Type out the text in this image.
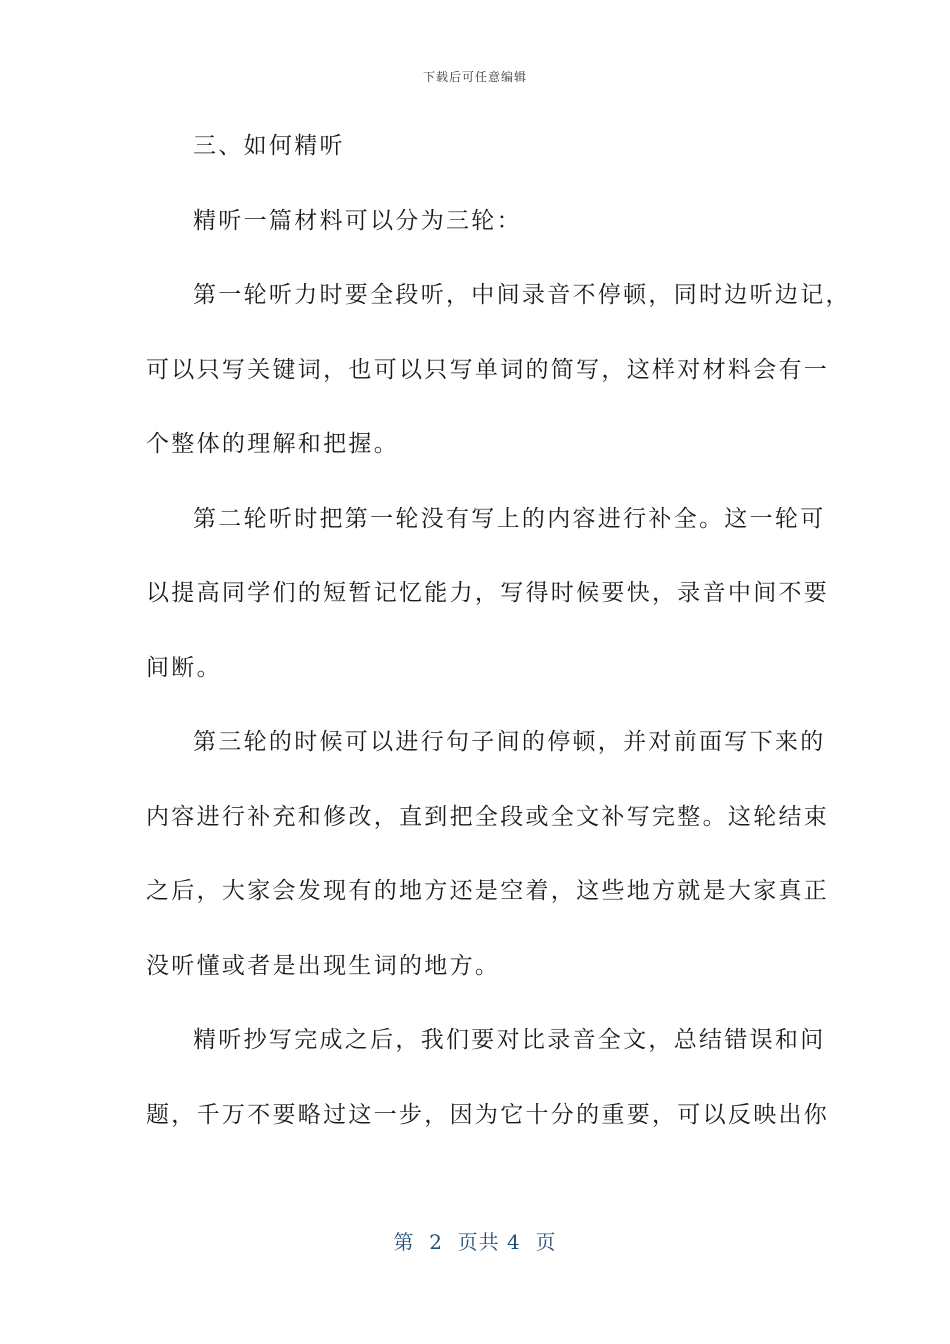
下载后可任意编辑
三、如何精听
精听一篇材料可以分为三轮：
第一轮听力时要全段听，中间录音不停顿，同时边听边记，
可以只写关键词，也可以只写单词的简写，这样对材料会有一
个整体的理解和把握。
第二轮听时把第一轮没有写上的内容进行补全。这一轮可
以提高同学们的短暂记忆能力，写得时候要快，录音中间不要
间断。
第三轮的时候可以进行句子间的停顿，并对前面写下来的
内容进行补充和修改，直到把全段或全文补写完整。这轮结束
之后，大家会发现有的地方还是空着，这些地方就是大家真正
没听懂或者是出现生词的地方。
精听抄写完成之后，我们要对比录音全文，总结错误和问
题，千万不要略过这一步，因为它十分的重要，可以反映出你
第  2  页共 4  页
